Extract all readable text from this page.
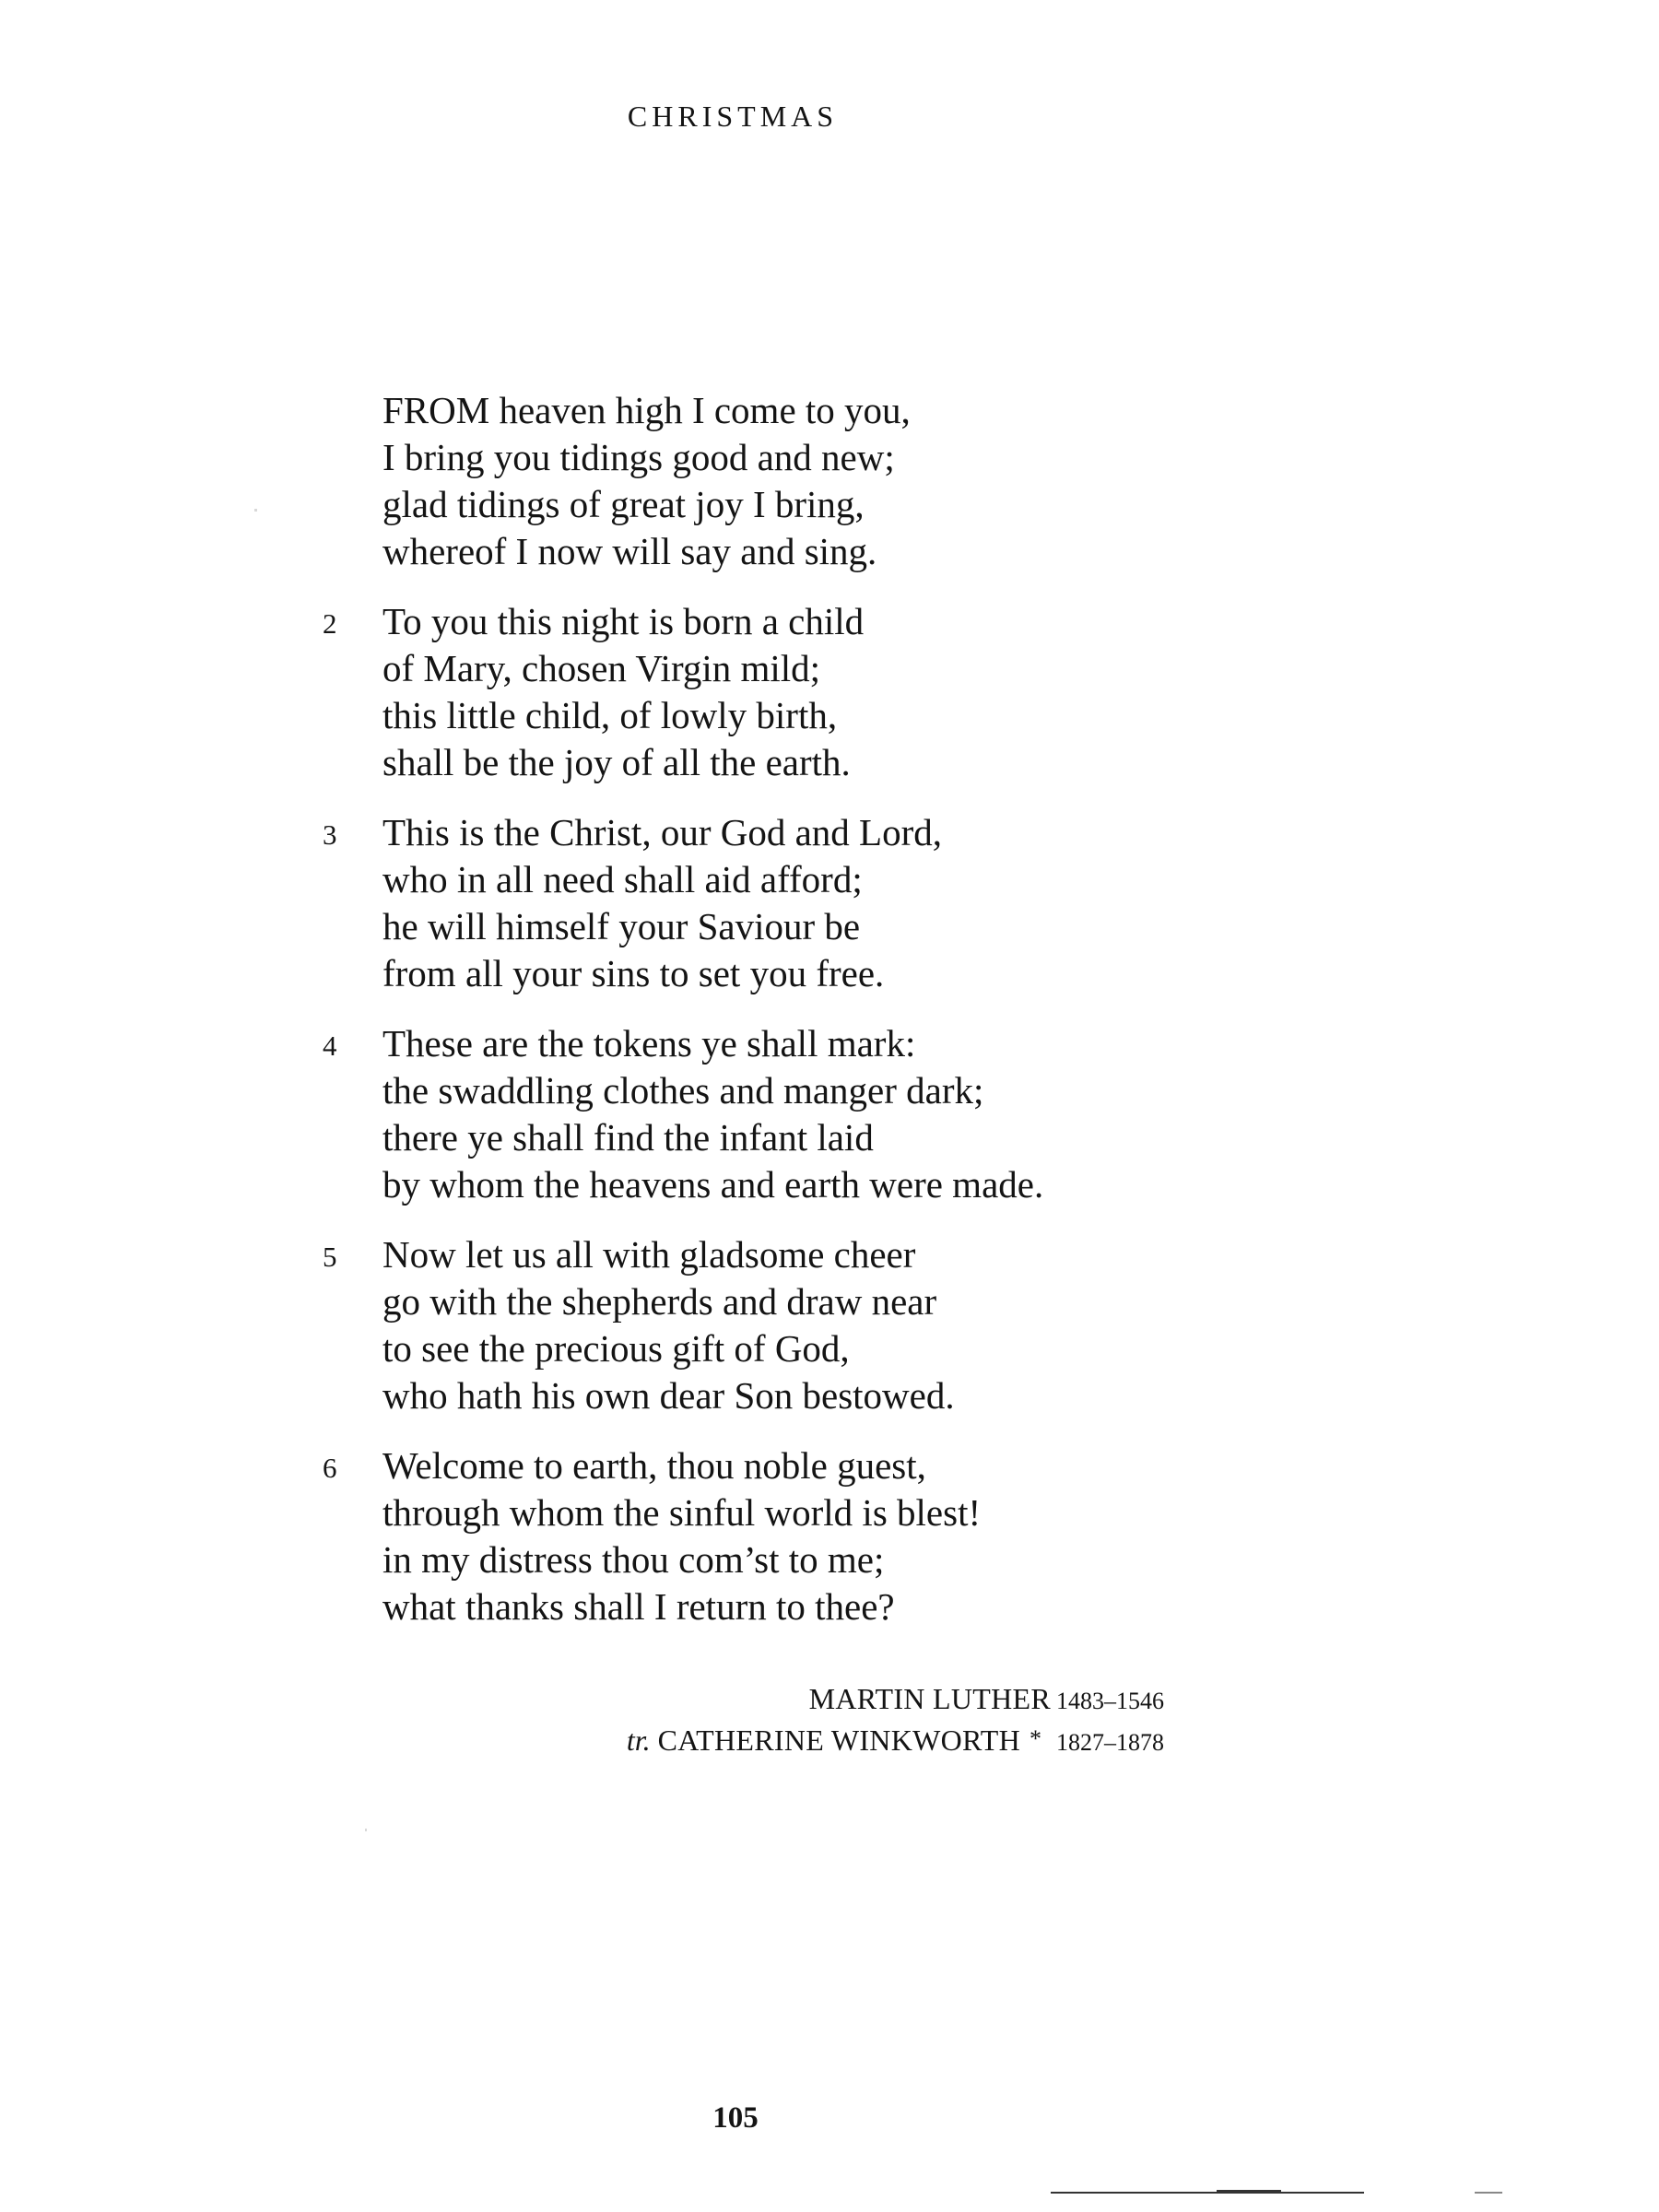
CHRISTMAS
FROM heaven high I come to you,
I bring you tidings good and new;
glad tidings of great joy I bring,
whereof I now will say and sing.
2 To you this night is born a child
of Mary, chosen Virgin mild;
this little child, of lowly birth,
shall be the joy of all the earth.
3 This is the Christ, our God and Lord,
who in all need shall aid afford;
he will himself your Saviour be
from all your sins to set you free.
4 These are the tokens ye shall mark:
the swaddling clothes and manger dark;
there ye shall find the infant laid
by whom the heavens and earth were made.
5 Now let us all with gladsome cheer
go with the shepherds and draw near
to see the precious gift of God,
who hath his own dear Son bestowed.
6 Welcome to earth, thou noble guest,
through whom the sinful world is blest!
in my distress thou com’st to me;
what thanks shall I return to thee?
MARTIN LUTHER 1483–1546
tr. CATHERINE WINKWORTH * 1827–1878
105
